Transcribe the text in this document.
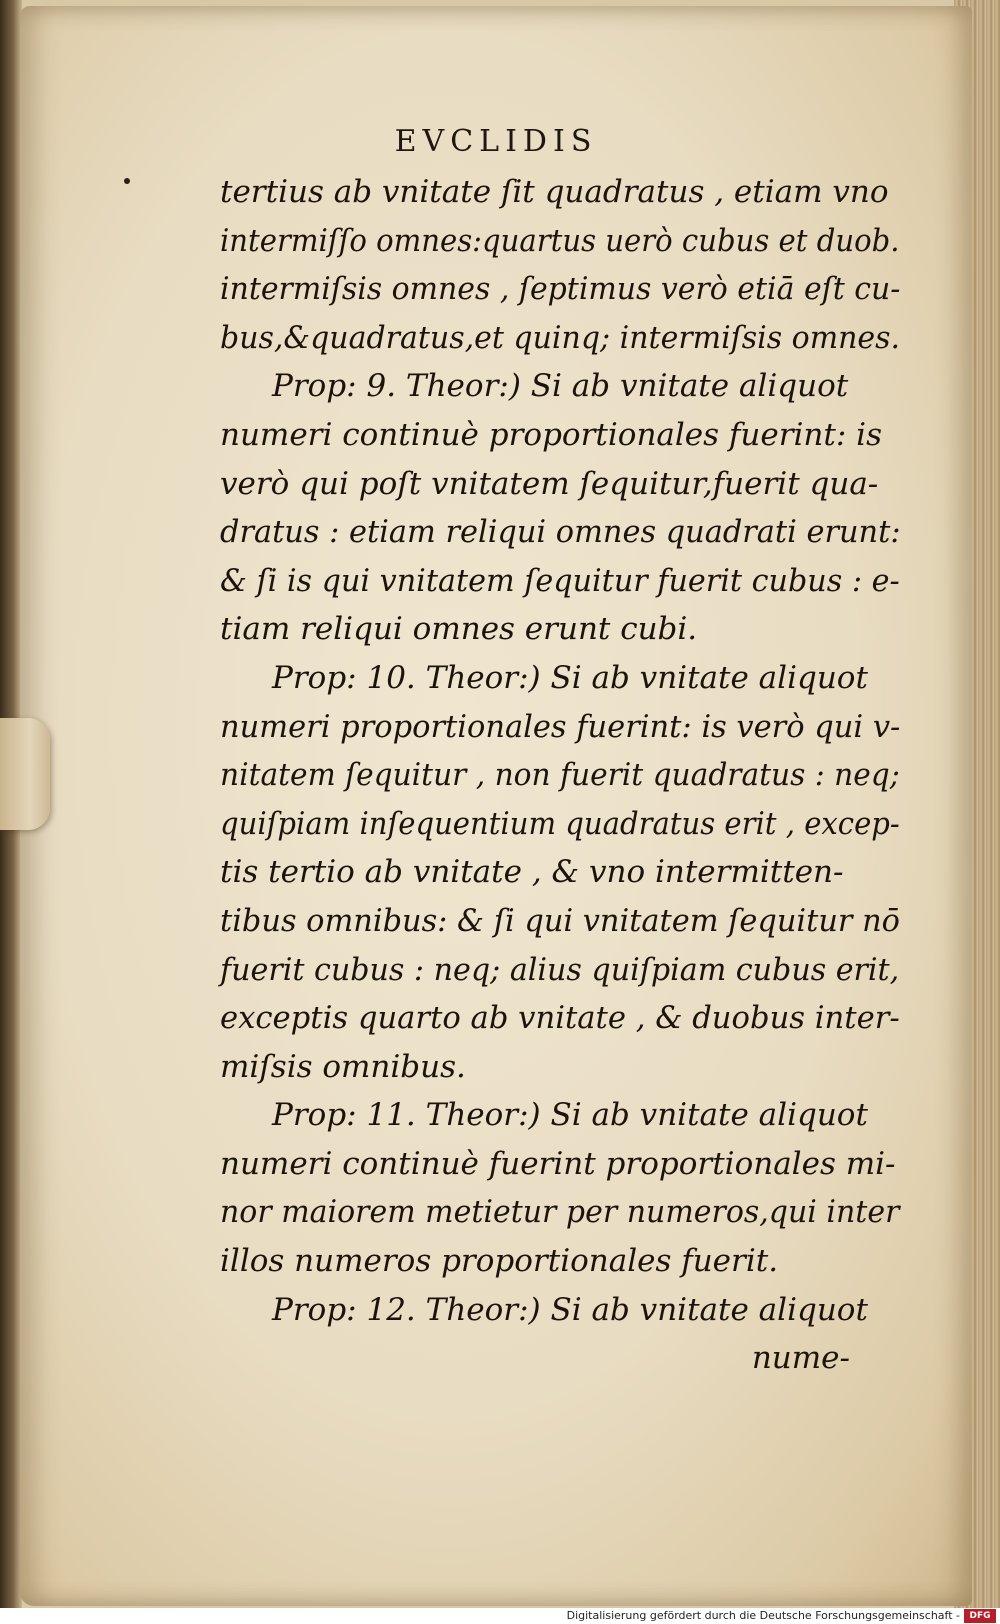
EVCLIDIS
tertius ab vnitate ſit quadratus , etiam vno
intermiſſo omnes:quartus uerò cubus et duob.
intermiſsis omnes , ſeptimus verò etiā eſt cu-
bus,&quadratus,et quinq; intermiſsis omnes.
Prop: 9. Theor:) Si ab vnitate aliquot
numeri continuè proportionales fuerint: is
verò qui poſt vnitatem ſequitur,fuerit qua-
dratus : etiam reliqui omnes quadrati erunt:
& ſi is qui vnitatem ſequitur fuerit cubus : e-
tiam reliqui omnes erunt cubi.
Prop: 10. Theor:) Si ab vnitate aliquot
numeri proportionales fuerint: is verò qui v-
nitatem ſequitur , non fuerit quadratus : neq;
quiſpiam inſequentium quadratus erit , excep-
tis tertio ab vnitate , & vno intermitten-
tibus omnibus: & ſi qui vnitatem ſequitur nō
fuerit cubus : neq; alius quiſpiam cubus erit,
exceptis quarto ab vnitate , & duobus inter-
miſsis omnibus.
Prop: 11. Theor:) Si ab vnitate aliquot
numeri continuè fuerint proportionales mi-
nor maiorem metietur per numeros,qui inter
illos numeros proportionales fuerit.
Prop: 12. Theor:) Si ab vnitate aliquot
nume-
Digitalisierung gefördert durch die Deutsche Forschungsgemeinschaft -	DFG
